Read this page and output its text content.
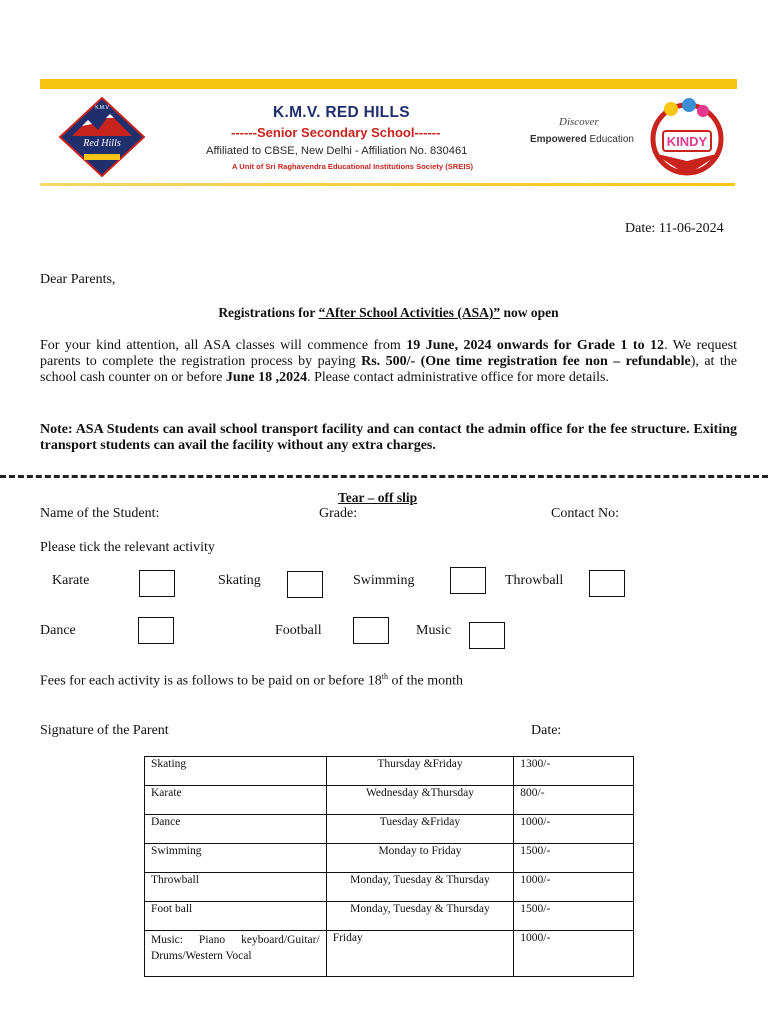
K.M.V
Red Hills
K.M.V. RED HILLS
------Senior Secondary School------
Affiliated to CBSE, New Delhi - Affiliation No. 830461
A Unit of Sri Raghavendra Educational Institutions Society (SREIS)
Discover
Empowered Education	KINDY
Date: 11-06-2024
Dear Parents,
Registrations for “After School Activities (ASA)” now open
For your kind attention, all ASA classes will commence from 19 June, 2024 onwards for Grade 1 to 12. We request parents to complete the registration process by paying Rs. 500/- (One time registration fee non – refundable), at the school cash counter on or before June 18 ,2024. Please contact administrative office for more details.
Note: ASA Students can avail school transport facility and can contact the admin office for the fee structure. Exiting transport students can avail the facility without any extra charges.
Tear – off slip
Name of the Student:	Grade:	Contact No:
Please tick the relevant activity
Karate	Skating	Swimming	Throwball
Dance	Football	Music
Fees for each activity is as follows to be paid on or before 18th of the month
Signature of the Parent	Date:
Skating	Thursday &Friday	1300/-
Karate	Wednesday &Thursday	800/-
Dance	Tuesday &Friday	1000/-
Swimming	Monday to Friday	1500/-
Throwball	Monday, Tuesday & Thursday	1000/-
Foot ball	Monday, Tuesday & Thursday	1500/-
Music: Piano keyboard/Guitar/ Drums/Western Vocal	Friday	1000/-
